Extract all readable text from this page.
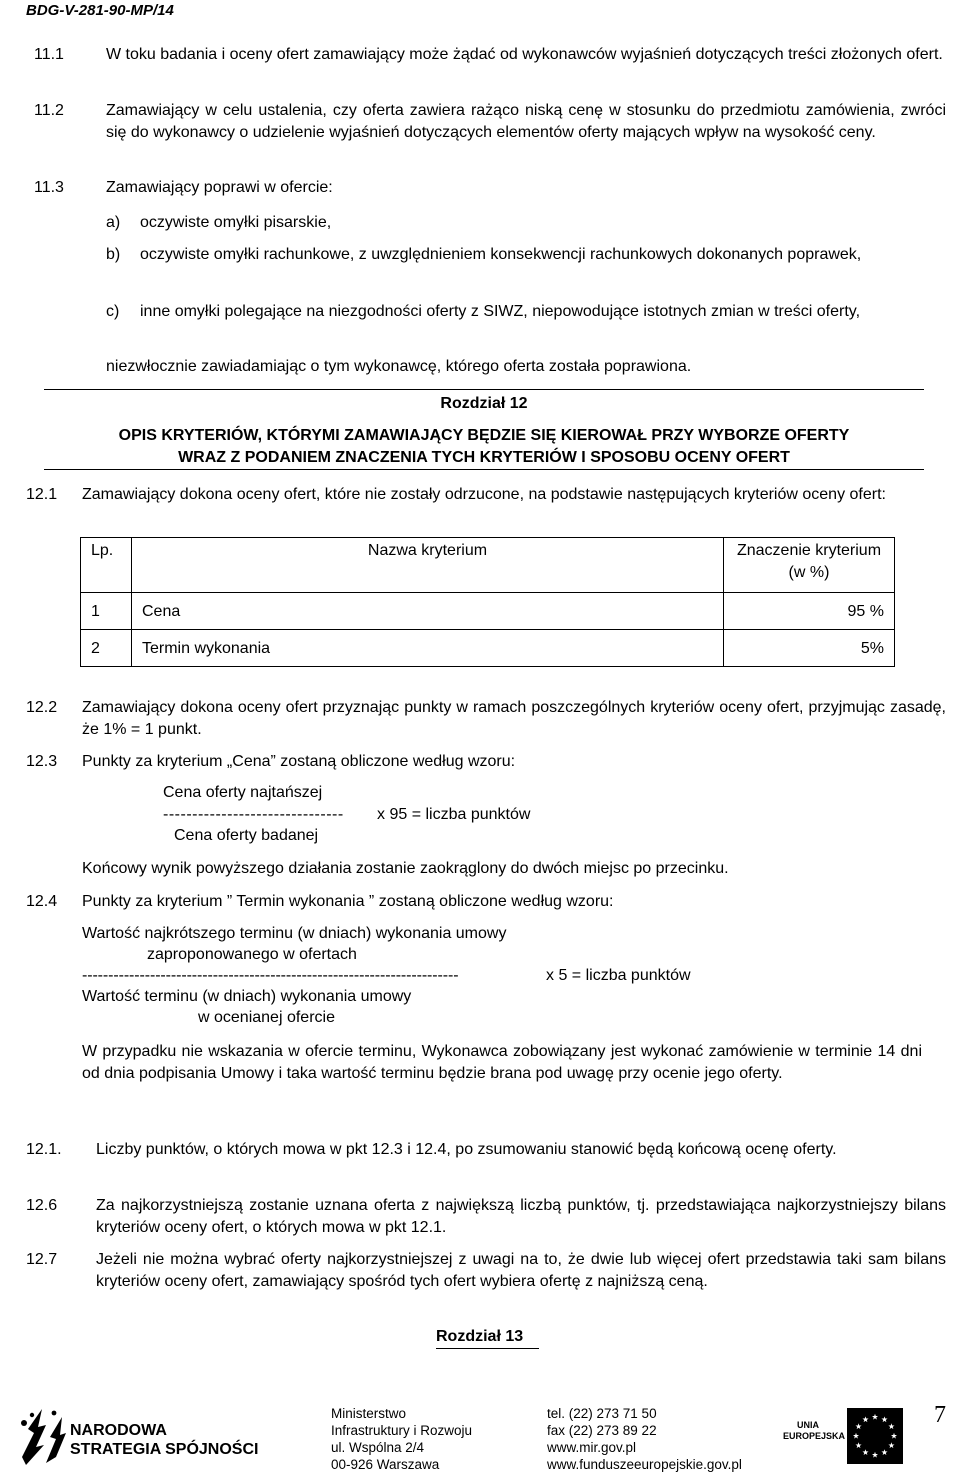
BDG-V-281-90-MP/14
11.1	W toku badania i oceny ofert zamawiający może żądać od wykonawców wyjaśnień dotyczących treści złożonych ofert.
11.2	Zamawiający w celu ustalenia, czy oferta zawiera rażąco niską cenę w stosunku do przedmiotu zamówienia, zwróci się do wykonawcy o udzielenie wyjaśnień dotyczących elementów oferty mających wpływ na wysokość ceny.
11.3	Zamawiający poprawi w ofercie:
a) oczywiste omyłki pisarskie,
b) oczywiste omyłki rachunkowe, z uwzględnieniem konsekwencji rachunkowych dokonanych poprawek,
c) inne omyłki polegające na niezgodności oferty z SIWZ, niepowodujące istotnych zmian w treści oferty,
niezwłocznie zawiadamiając o tym wykonawcę, którego oferta została poprawiona.
Rozdział 12
OPIS KRYTERIÓW, KTÓRYMI ZAMAWIAJĄCY BĘDZIE SIĘ KIEROWAŁ PRZY WYBORZE OFERTY
WRAZ Z PODANIEM ZNACZENIA TYCH KRYTERIÓW I SPOSOBU OCENY OFERT
12.1 Zamawiający dokona oceny ofert, które nie zostały odrzucone, na podstawie następujących kryteriów oceny ofert:
Lp.	Nazwa kryterium	Znaczenie kryterium (w %)
1	Cena	95 %
2	Termin wykonania	5%
12.2 Zamawiający dokona oceny ofert przyznając punkty w ramach poszczególnych kryteriów oceny ofert, przyjmując zasadę, że 1% = 1 punkt.
12.3 Punkty za kryterium „Cena” zostaną obliczone według wzoru:
Cena oferty najtańszej
------------------------------- x 95 = liczba punktów
Cena oferty badanej
Końcowy wynik powyższego działania zostanie zaokrąglony do dwóch miejsc po przecinku.
12.4 Punkty za kryterium ” Termin wykonania ” zostaną obliczone według wzoru:
Wartość najkrótszego terminu (w dniach) wykonania umowy
zaproponowanego w ofertach
------------------------------------------------------------------------	x 5 = liczba punktów
Wartość terminu (w dniach) wykonania umowy
w ocenianej ofercie
W przypadku nie wskazania w ofercie terminu, Wykonawca zobowiązany jest wykonać zamówienie w terminie 14 dni od dnia podpisania Umowy i taka wartość terminu będzie brana pod uwagę przy ocenie jego oferty.
12.1. Liczby punktów, o których mowa w pkt 12.3 i 12.4, po zsumowaniu stanowić będą końcową ocenę oferty.
12.6 Za najkorzystniejszą zostanie uznana oferta z największą liczbą punktów, tj. przedstawiająca najkorzystniejszy bilans kryteriów oceny ofert, o których mowa w pkt 12.1.
12.7 Jeżeli nie można wybrać oferty najkorzystniejszej z uwagi na to, że dwie lub więcej ofert przedstawia taki sam bilans kryteriów oceny ofert, zamawiający spośród tych ofert wybiera ofertę z najniższą ceną.
Rozdział 13
NARODOWA
STRATEGIA SPÓJNOŚCI
Ministerstwo
Infrastruktury i Rozwoju
ul. Wspólna 2/4
00-926 Warszawa
tel. (22) 273 71 50
fax (22) 273 89 22
www.mir.gov.pl
www.funduszeeuropejskie.gov.pl
UNIA
EUROPEJSKA
7
